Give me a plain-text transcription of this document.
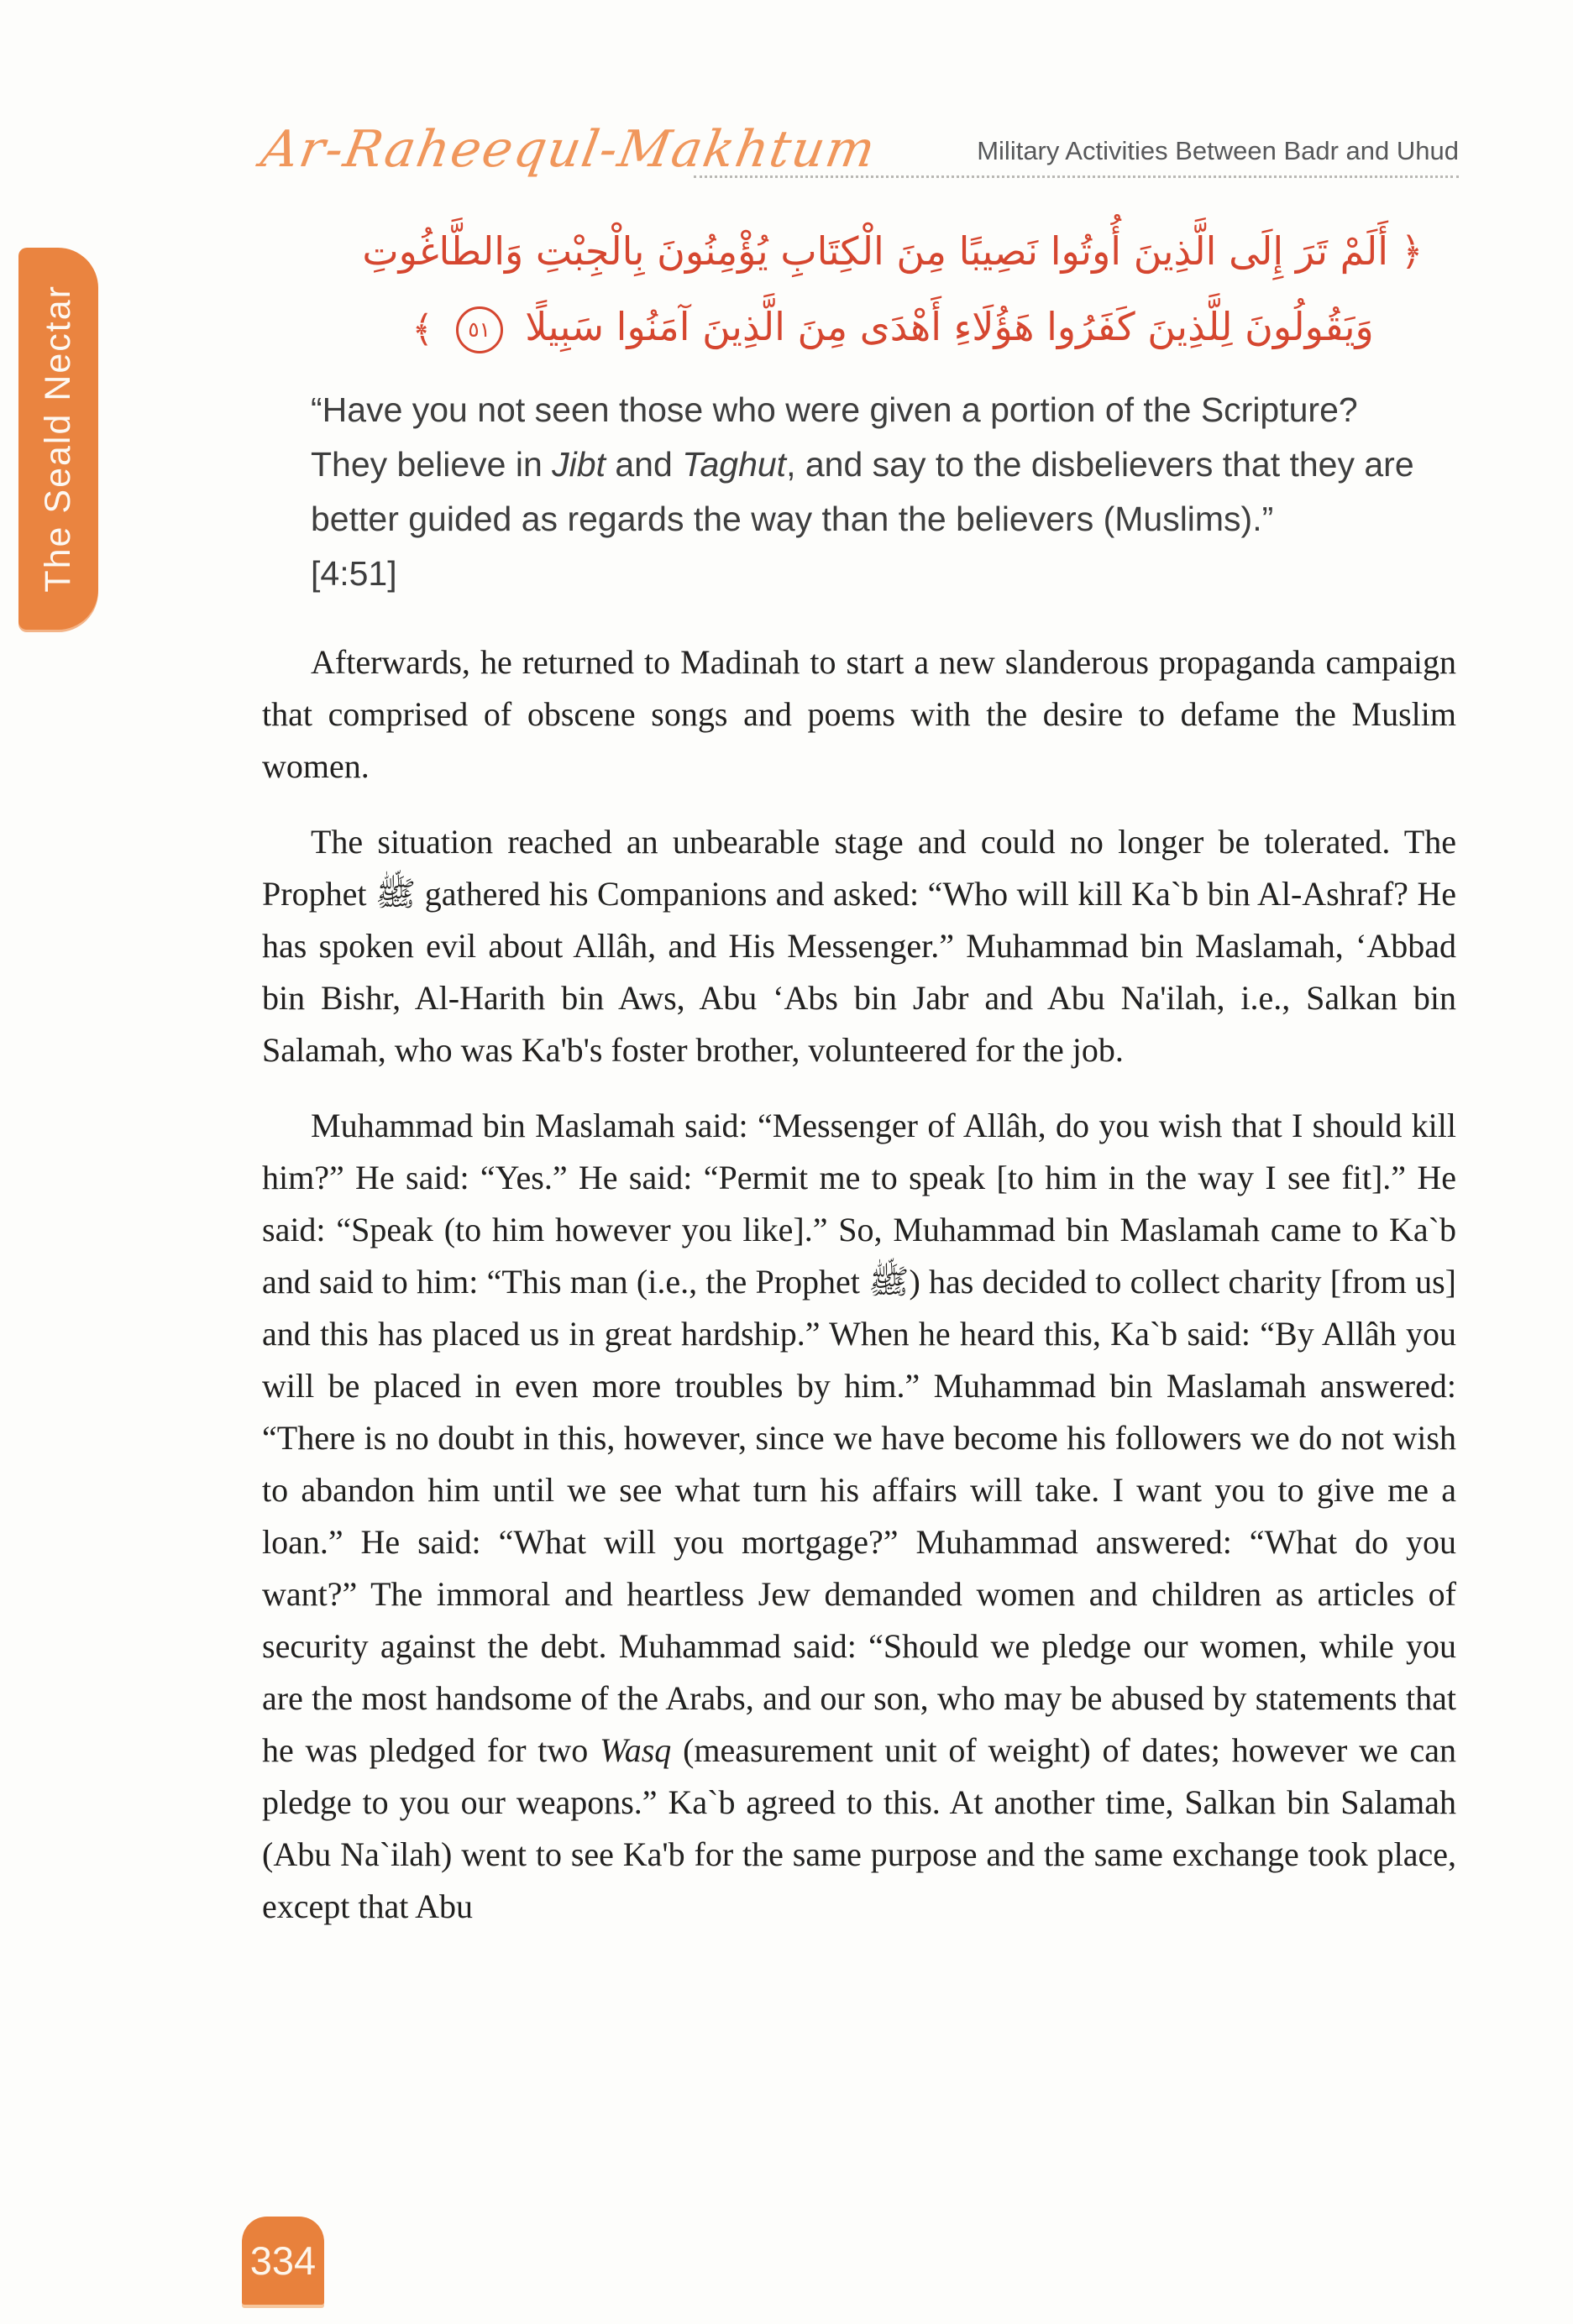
Ar-Raheequl-Makhtum	Military Activities Between Badr and Uhud
The Seald Nectar
﴿ أَلَمْ تَرَ إِلَى الَّذِينَ أُوتُوا نَصِيبًا مِنَ الْكِتَابِ يُؤْمِنُونَ بِالْجِبْتِ وَالطَّاغُوتِ
وَيَقُولُونَ لِلَّذِينَ كَفَرُوا هَؤُلَاءِ أَهْدَى مِنَ الَّذِينَ آمَنُوا سَبِيلًا ٥١ ﴾
“Have you not seen those who were given a portion of the Scripture? They believe in Jibt and Taghut, and say to the disbelievers that they are better guided as regards the way than the believers (Muslims).”
[4:51]

Afterwards, he returned to Madinah to start a new slanderous propaganda campaign that comprised of obscene songs and poems with the desire to defame the Muslim women.

The situation reached an unbearable stage and could no longer be tolerated. The Prophet ﷺ gathered his Companions and asked: “Who will kill Ka`b bin Al-Ashraf? He has spoken evil about Allâh, and His Messenger.” Muhammad bin Maslamah, ‘Abbad bin Bishr, Al-Harith bin Aws, Abu ‘Abs bin Jabr and Abu Na'ilah, i.e., Salkan bin Salamah, who was Ka'b's foster brother, volunteered for the job.

Muhammad bin Maslamah said: “Messenger of Allâh, do you wish that I should kill him?” He said: “Yes.” He said: “Permit me to speak [to him in the way I see fit].” He said: “Speak (to him however you like].” So, Muhammad bin Maslamah came to Ka`b and said to him: “This man (i.e., the Prophet ﷺ) has decided to collect charity [from us] and this has placed us in great hardship.” When he heard this, Ka`b said: “By Allâh you will be placed in even more troubles by him.” Muhammad bin Maslamah answered: “There is no doubt in this, however, since we have become his followers we do not wish to abandon him until we see what turn his affairs will take. I want you to give me a loan.” He said: “What will you mortgage?” Muhammad answered: “What do you want?” The immoral and heartless Jew demanded women and children as articles of security against the debt. Muhammad said: “Should we pledge our women, while you are the most handsome of the Arabs, and our son, who may be abused by statements that he was pledged for two Wasq (measurement unit of weight) of dates; however we can pledge to you our weapons.” Ka`b agreed to this. At another time, Salkan bin Salamah (Abu Na`ilah) went to see Ka'b for the same purpose and the same exchange took place, except that Abu

334
